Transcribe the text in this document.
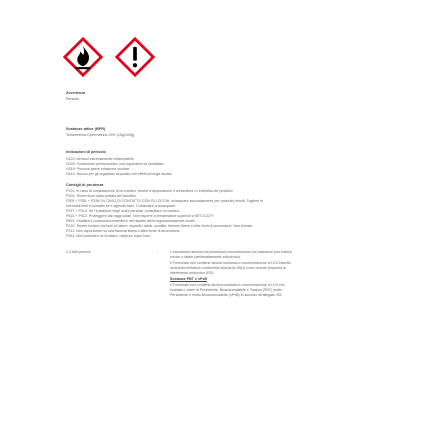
Avvertenza

Pericolo

Sostanze attive (BPR)

Tetrametrina Cipermetrina 15% (15g/100g)

Indicazioni di pericolo

H222: Aerosol estremamente infiammabile.

H229: Contenitore pressurizzato: può esplodere se riscaldato.

H319: Provoca grave irritazione oculare.

H412: Nocivo per gli organismi acquatici con effetti di lunga durata.

Consigli di prudenza

P101: In caso di consultazione di un medico, tenere a disposizione il contenitore o l'etichetta del prodotto.

P102: Tenere fuori dalla portata dei bambini.

P305 + P351 + P338: IN CASO DI CONTATTO CON GLI OCCHI: sciacquare accuratamente per parecchi minuti. Togliere le

eventuali lenti a contatto se è agevole farlo. Continuare a sciacquare.

P337 + P313: Se l'irritazione degli occhi persiste, consultare un medico.

P410 + P412: Proteggere dai raggi solari. Non esporre a temperature superiori a 50°C/122°F.

P501: Smaltire il contenuto/contenitore nel rispetto della regolamentazione locale.

P210: Tenere lontano da fonti di calore, superfici calde, scintille, fiamme libere o altre fonti di accensione. Non fumare.

P211: Non vaporizzare su una fiamma libera o altra fonte di accensione.

P251: Non perforare né bruciare, neppure dopo l'uso.

2.3 Altri pericoli	:	L'interazione abusiva da eccessiva concentrazione ed inalazione può essere

nocivo o fatale (deliberatamente inducendo).

Il Formulato non contiene alcuna sostanza in concentrazione ≥0,1% inserita

nella lista definita in conformità all'articolo 59(1) come avente proprietà di

interferente endocrino (ED).

Sostanze PBT e vPvB

Il Formulato non contiene alcuna sostanza in concentrazione ≥0,1% che

soddisfa i criteri di Persistente, Bioaccumulabile e Tossica (PBT) molto

Persistente e molto Bioaccumulabile (vPvB) in accordo all'allegato XIII
